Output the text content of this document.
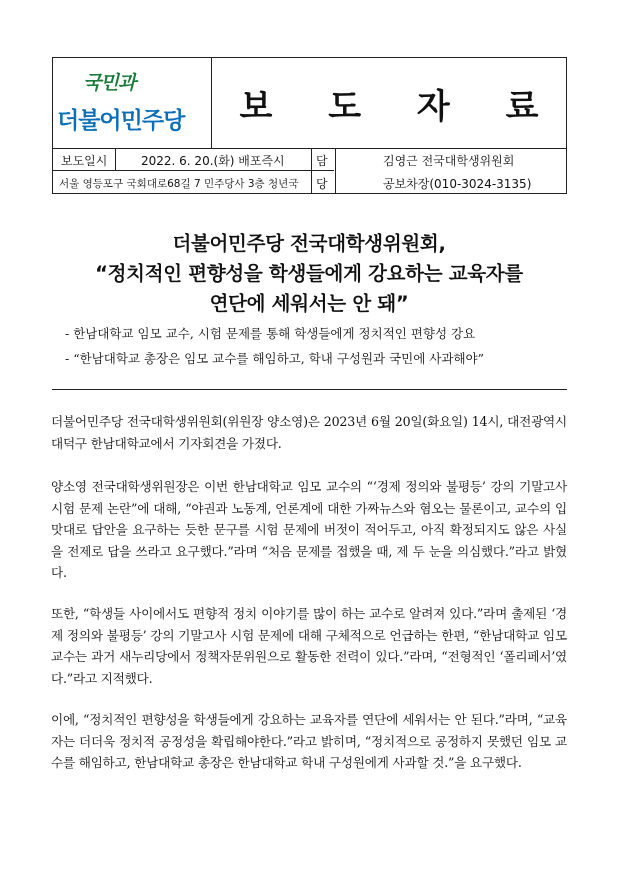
국민과
더불어민주당 보 도 자 료
보도일시	2022. 6. 20.(화) 배포즉시
서울 영등포구 국회대로68길 7 민주당사 3층 청년국
담
당
김영근 전국대학생위원회
공보차장(010-3024-3135)
더불어민주당 전국대학생위원회,
“정치적인 편향성을 학생들에게 강요하는 교육자를
연단에 세워서는 안 돼”
- 한남대학교 임모 교수, 시험 문제를 통해 학생들에게 정치적인 편향성 강요
- “한남대학교 총장은 임모 교수를 해임하고, 학내 구성원과 국민에 사과해야”

더불어민주당 전국대학생위원회(위원장 양소영)은 2023년 6월 20일(화요일) 14시, 대전광역시 대덕구 한남대학교에서 기자회견을 가졌다.

양소영 전국대학생위원장은 이번 한남대학교 임모 교수의 “‘경제 정의와 불평등’ 강의 기말고사 시험 문제 논란”에 대해, “야권과 노동계, 언론계에 대한 가짜뉴스와 혐오는 물론이고, 교수의 입맛대로 답안을 요구하는 듯한 문구를 시험 문제에 버젓이 적어두고, 아직 확정되지도 않은 사실을 전제로 답을 쓰라고 요구했다.”라며 “처음 문제를 접했을 때, 제 두 눈을 의심했다.”라고 밝혔다.

또한, “학생들 사이에서도 편향적 정치 이야기를 많이 하는 교수로 알려져 있다.”라며 출제된 ‘경제 정의와 불평등’ 강의 기말고사 시험 문제에 대해 구체적으로 언급하는 한편, “한남대학교 임모 교수는 과거 새누리당에서 정책자문위원으로 활동한 전력이 있다.”라며, “전형적인 ‘폴리페서’였다.”라고 지적했다.

이에, “정치적인 편향성을 학생들에게 강요하는 교육자를 연단에 세워서는 안 된다.”라며, “교육자는 더더욱 정치적 공정성을 확립해야한다.”라고 밝히며, “정치적으로 공정하지 못했던 임모 교수를 해임하고, 한남대학교 총장은 한남대학교 학내 구성원에게 사과할 것.”을 요구했다.
